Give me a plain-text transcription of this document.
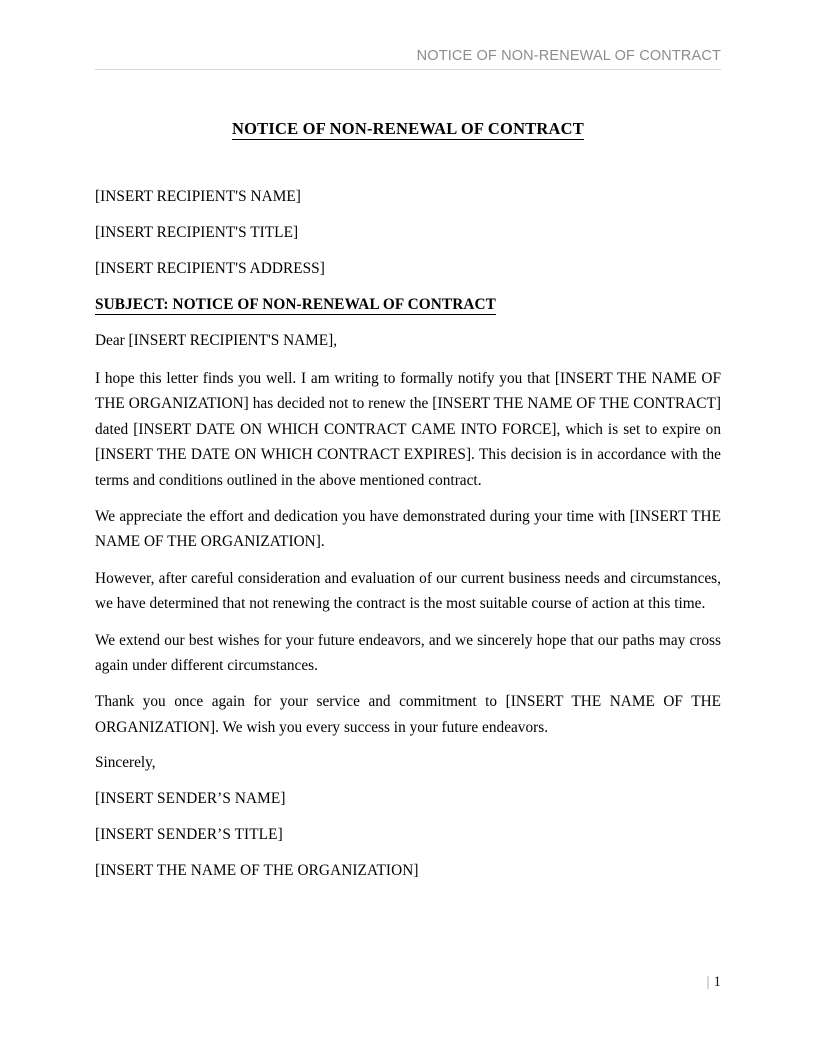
NOTICE OF NON-RENEWAL OF CONTRACT
NOTICE OF NON-RENEWAL OF CONTRACT
[INSERT RECIPIENT'S NAME]
[INSERT RECIPIENT'S TITLE]
[INSERT RECIPIENT'S ADDRESS]
SUBJECT: NOTICE OF NON-RENEWAL OF CONTRACT
Dear [INSERT RECIPIENT'S NAME],

I hope this letter finds you well. I am writing to formally notify you that [INSERT THE NAME OF THE ORGANIZATION] has decided not to renew the [INSERT THE NAME OF THE CONTRACT] dated [INSERT DATE ON WHICH CONTRACT CAME INTO FORCE], which is set to expire on [INSERT THE DATE ON WHICH CONTRACT EXPIRES]. This decision is in accordance with the terms and conditions outlined in the above mentioned contract.

We appreciate the effort and dedication you have demonstrated during your time with [INSERT THE NAME OF THE ORGANIZATION].

However, after careful consideration and evaluation of our current business needs and circumstances, we have determined that not renewing the contract is the most suitable course of action at this time.

We extend our best wishes for your future endeavors, and we sincerely hope that our paths may cross again under different circumstances.

Thank you once again for your service and commitment to [INSERT THE NAME OF THE ORGANIZATION]. We wish you every success in your future endeavors.

Sincerely,
[INSERT SENDER’S NAME]
[INSERT SENDER’S TITLE]
[INSERT THE NAME OF THE ORGANIZATION]
| 1
